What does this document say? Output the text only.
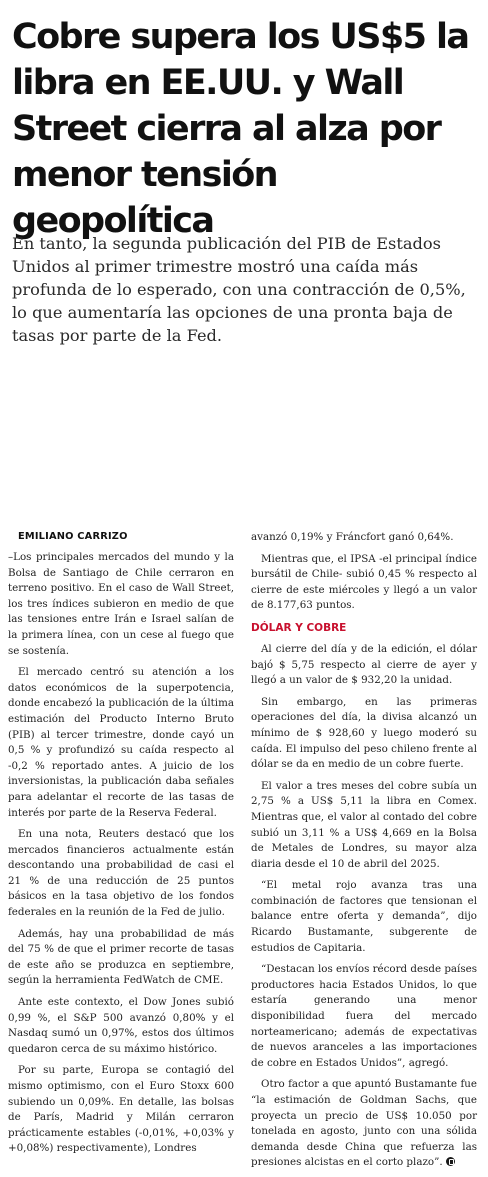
Cobre supera los US$5 la libra en EE.UU. y Wall Street cierra al alza por menor tensión geopolítica

En tanto, la segunda publicación del PIB de Estados Unidos al primer trimestre mostró una caída más profunda de lo esperado, con una contracción de 0,5%, lo que aumentaría las opciones de una pronta baja de tasas por parte de la Fed.

EMILIANO CARRIZO

–Los principales mercados del mundo y la Bolsa de Santiago de Chile cerraron en terreno positivo. En el caso de Wall Street, los tres índices subieron en medio de que las tensiones entre Irán e Israel salían de la primera línea, con un cese al fuego que se sostenía.

El mercado centró su atención a los datos económicos de la superpotencia, donde encabezó la publicación de la última estimación del Producto Interno Bruto (PIB) al tercer trimestre, donde cayó un 0,5 % y profundizó su caída respecto al -0,2 % reportado antes. A juicio de los inversionistas, la publicación daba señales para adelantar el recorte de las tasas de interés por parte de la Reserva Federal.

En una nota, Reuters destacó que los mercados financieros actualmente están descontando una probabilidad de casi el 21 % de una reducción de 25 puntos básicos en la tasa objetivo de los fondos federales en la reunión de la Fed de julio.

Además, hay una probabilidad de más del 75 % de que el primer recorte de tasas de este año se produzca en septiembre, según la herramienta FedWatch de CME.

Ante este contexto, el Dow Jones subió 0,99 %, el S&P 500 avanzó 0,80% y el Nasdaq sumó un 0,97%, estos dos últimos quedaron cerca de su máximo histórico.

Por su parte, Europa se contagió del mismo optimismo, con el Euro Stoxx 600 subiendo un 0,09%. En detalle, las bolsas de París, Madrid y Milán cerraron prácticamente estables (-0,01%, +0,03% y +0,08%) respectivamente), Londres

avanzó 0,19% y Fráncfort ganó 0,64%.

Mientras que, el IPSA -el principal índice bursátil de Chile- subió 0,45 % respecto al cierre de este miércoles y llegó a un valor de 8.177,63 puntos.

DÓLAR Y COBRE

Al cierre del día y de la edición, el dólar bajó $ 5,75 respecto al cierre de ayer y llegó a un valor de $ 932,20 la unidad.

Sin embargo, en las primeras operaciones del día, la divisa alcanzó un mínimo de $ 928,60 y luego moderó su caída. El impulso del peso chileno frente al dólar se da en medio de un cobre fuerte.

El valor a tres meses del cobre subía un 2,75 % a US$ 5,11 la libra en Comex. Mientras que, el valor al contado del cobre subió un 3,11 % a US$ 4,669 en la Bolsa de Metales de Londres, su mayor alza diaria desde el 10 de abril del 2025.

“El metal rojo avanza tras una combinación de factores que tensionan el balance entre oferta y demanda”, dijo Ricardo Bustamante, subgerente de estudios de Capitaria.

“Destacan los envíos récord desde países productores hacia Estados Unidos, lo que estaría generando una menor disponibilidad fuera del mercado norteamericano; además de expectativas de nuevos aranceles a las importaciones de cobre en Estados Unidos”, agregó.

Otro factor a que apuntó Bustamante fue “la estimación de Goldman Sachs, que proyecta un precio de US$ 10.050 por tonelada en agosto, junto con una sólida demanda desde China que refuerza las presiones alcistas en el corto plazo”.
